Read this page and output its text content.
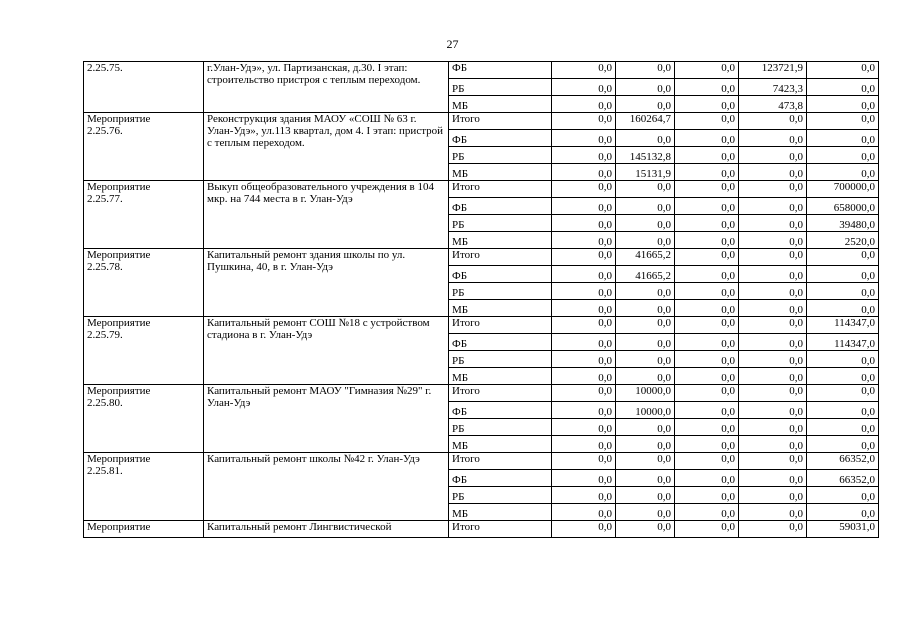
27
2.25.75.	г.Улан-Удэ», ул. Партизанская, д.30. I этап: строительство пристроя с теплым переходом.	ФБ	0,0	0,0	0,0	123721,9	0,0
		РБ	0,0	0,0	0,0	7423,3	0,0
		МБ	0,0	0,0	0,0	473,8	0,0

Мероприятие
2.25.76.	Реконструкция здания МАОУ «СОШ № 63 г. Улан-Удэ», ул.113 квартал, дом 4. I этап: пристрой с теплым переходом.	Итого	0,0	160264,7	0,0	0,0	0,0
		ФБ	0,0	0,0	0,0	0,0	0,0
		РБ	0,0	145132,8	0,0	0,0	0,0
		МБ	0,0	15131,9	0,0	0,0	0,0

Мероприятие
2.25.77.	Выкуп общеобразовательного учреждения в 104 мкр. на 744 места в г. Улан-Удэ	Итого	0,0	0,0	0,0	0,0	700000,0
		ФБ	0,0	0,0	0,0	0,0	658000,0
		РБ	0,0	0,0	0,0	0,0	39480,0
		МБ	0,0	0,0	0,0	0,0	2520,0

Мероприятие
2.25.78.	Капитальный ремонт здания школы по ул. Пушкина, 40, в г. Улан-Удэ	Итого	0,0	41665,2	0,0	0,0	0,0
		ФБ	0,0	41665,2	0,0	0,0	0,0
		РБ	0,0	0,0	0,0	0,0	0,0
		МБ	0,0	0,0	0,0	0,0	0,0

Мероприятие
2.25.79.	Капитальный ремонт СОШ №18 с устройством стадиона в г. Улан-Удэ	Итого	0,0	0,0	0,0	0,0	114347,0
		ФБ	0,0	0,0	0,0	0,0	114347,0
		РБ	0,0	0,0	0,0	0,0	0,0
		МБ	0,0	0,0	0,0	0,0	0,0

Мероприятие
2.25.80.	Капитальный ремонт МАОУ "Гимназия №29" г. Улан-Удэ	Итого	0,0	10000,0	0,0	0,0	0,0
		ФБ	0,0	10000,0	0,0	0,0	0,0
		РБ	0,0	0,0	0,0	0,0	0,0
		МБ	0,0	0,0	0,0	0,0	0,0

Мероприятие
2.25.81.	Капитальный ремонт школы №42 г. Улан-Удэ	Итого	0,0	0,0	0,0	0,0	66352,0
		ФБ	0,0	0,0	0,0	0,0	66352,0
		РБ	0,0	0,0	0,0	0,0	0,0
		МБ	0,0	0,0	0,0	0,0	0,0

Мероприятие	Капитальный ремонт Лингвистической	Итого	0,0	0,0	0,0	0,0	59031,0
